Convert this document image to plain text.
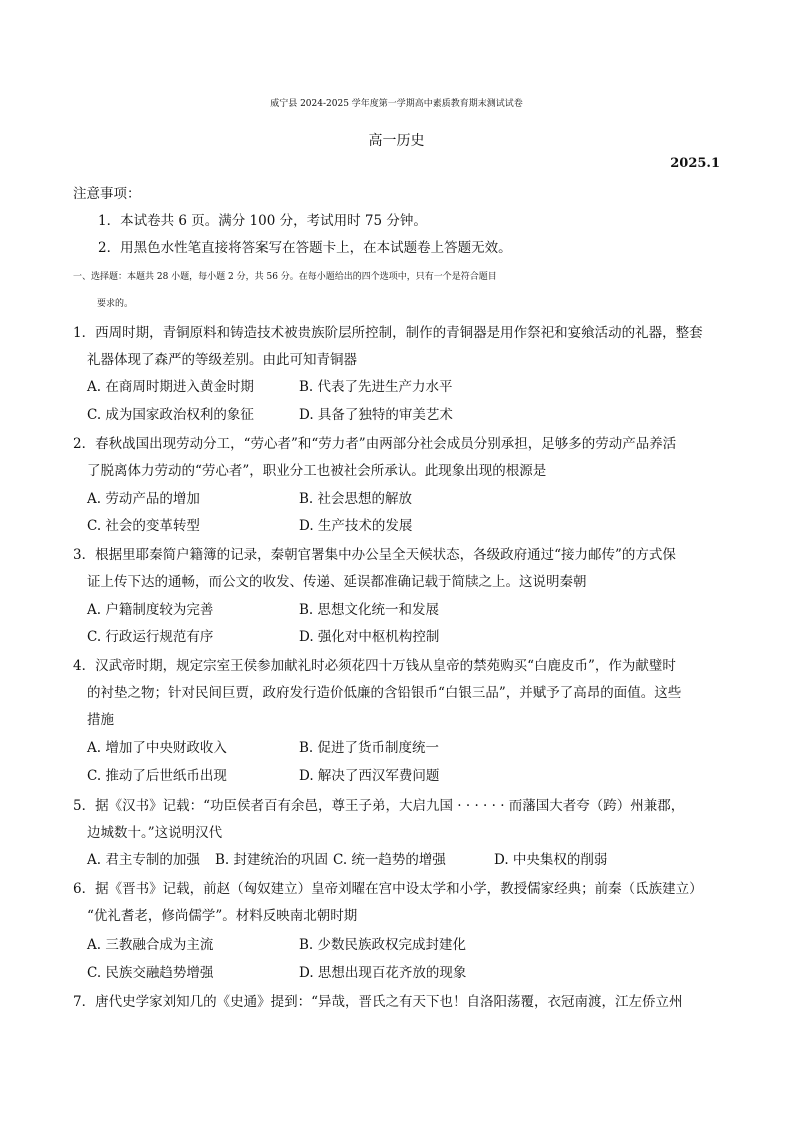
威宁县 2024-2025 学年度第一学期高中素质教育期末测试试卷
高一历史
2025.1
注意事项：
1．本试卷共 6 页。满分 100 分，考试用时 75 分钟。
2．用黑色水性笔直接将答案写在答题卡上，在本试题卷上答题无效。
一、选择题：本题共 28 小题，每小题 2 分，共 56 分。在每小题给出的四个选项中，只有一个是符合题目
要求的。
1．西周时期，青铜原料和铸造技术被贵族阶层所控制，制作的青铜器是用作祭祀和宴飨活动的礼器，整套
礼器体现了森严的等级差别。由此可知青铜器
A. 在商周时期进入黄金时期	B. 代表了先进生产力水平
C. 成为国家政治权利的象征	D. 具备了独特的审美艺术
2．春秋战国出现劳动分工，“劳心者”和“劳力者”由两部分社会成员分别承担，足够多的劳动产品养活
了脱离体力劳动的“劳心者”，职业分工也被社会所承认。此现象出现的根源是
A. 劳动产品的增加	B. 社会思想的解放
C. 社会的变革转型	D. 生产技术的发展
3．根据里耶秦简户籍簿的记录，秦朝官署集中办公呈全天候状态，各级政府通过“接力邮传”的方式保
证上传下达的通畅，而公文的收发、传递、延误都准确记载于简牍之上。这说明秦朝
A. 户籍制度较为完善	B. 思想文化统一和发展
C. 行政运行规范有序	D. 强化对中枢机构控制
4．汉武帝时期，规定宗室王侯参加献礼时必须花四十万钱从皇帝的禁苑购买“白鹿皮币”，作为献璧时
的衬垫之物；针对民间巨贾，政府发行造价低廉的含铅银币“白银三品”，并赋予了高昂的面值。这些
措施
A. 增加了中央财政收入	B. 促进了货币制度统一
C. 推动了后世纸币出现	D. 解决了西汉军费问题
5．据《汉书》记载：“功臣侯者百有余邑，尊王子弟，大启九国 · · · · · · 而藩国大者夸（跨）州兼郡，
边城数十。”这说明汉代
A. 君主专制的加强 B. 封建统治的巩固 C. 统一趋势的增强	D. 中央集权的削弱
6．据《晋书》记载，前赵（匈奴建立）皇帝刘曜在宫中设太学和小学，教授儒家经典；前秦（氐族建立）
“优礼耆老，修尚儒学”。材料反映南北朝时期
A. 三教融合成为主流	B. 少数民族政权完成封建化
C. 民族交融趋势增强	D. 思想出现百花齐放的现象
7．唐代史学家刘知几的《史通》提到：“异哉，晋氏之有天下也！自洛阳荡覆，衣冠南渡，江左侨立州
